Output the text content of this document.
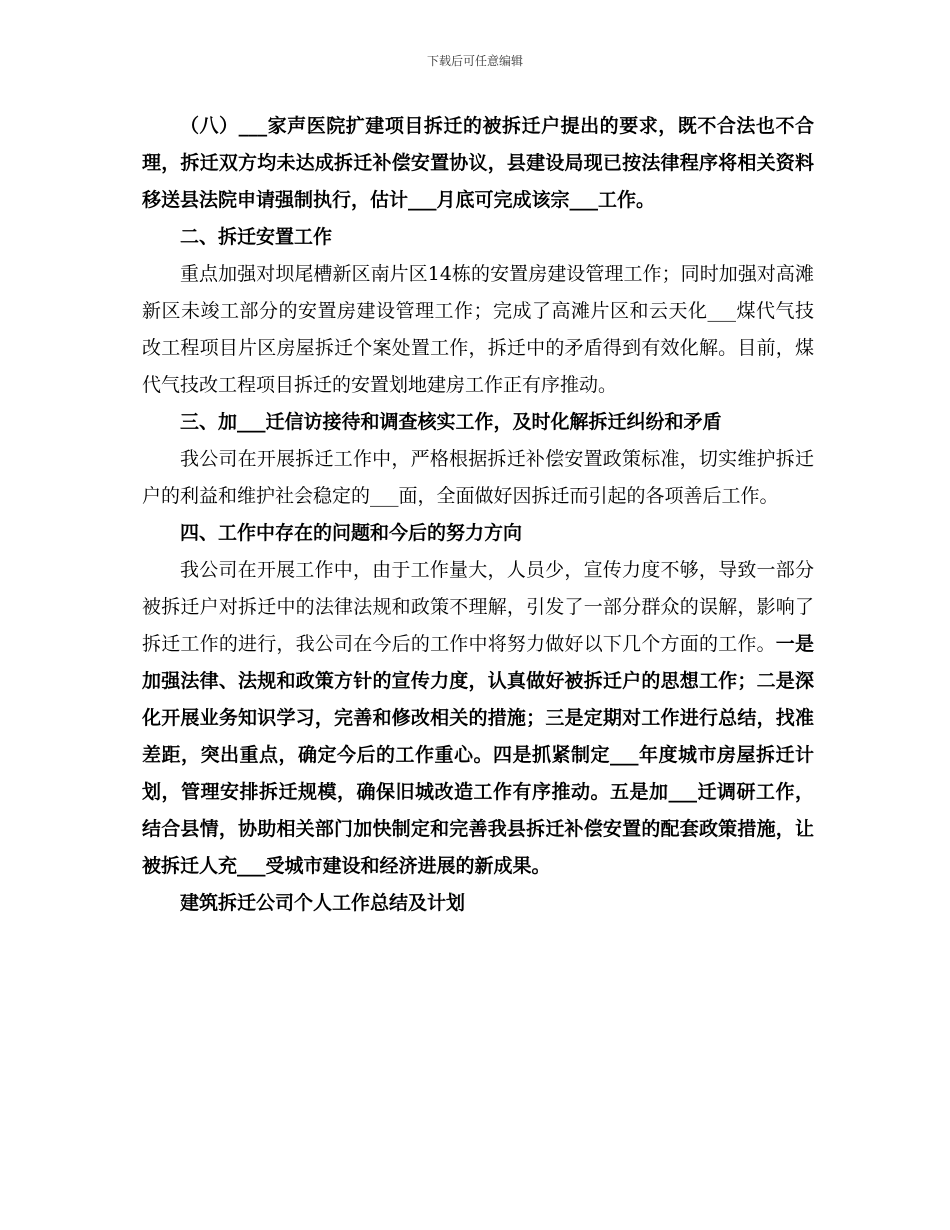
下载后可任意编辑

（八）___家声医院扩建项目拆迁的被拆迁户提出的要求，既不合法也不合理，拆迁双方均未达成拆迁补偿安置协议，县建设局现已按法律程序将相关资料移送县法院申请强制执行，估计___月底可完成该宗___工作。

二、拆迁安置工作

重点加强对坝尾槽新区南片区14栋的安置房建设管理工作；同时加强对高滩新区未竣工部分的安置房建设管理工作；完成了高滩片区和云天化___煤代气技改工程项目片区房屋拆迁个案处置工作，拆迁中的矛盾得到有效化解。目前，煤代气技改工程项目拆迁的安置划地建房工作正有序推动。

三、加___迁信访接待和调查核实工作，及时化解拆迁纠纷和矛盾

我公司在开展拆迁工作中，严格根据拆迁补偿安置政策标准，切实维护拆迁户的利益和维护社会稳定的___面，全面做好因拆迁而引起的各项善后工作。

四、工作中存在的问题和今后的努力方向

我公司在开展工作中，由于工作量大，人员少，宣传力度不够，导致一部分被拆迁户对拆迁中的法律法规和政策不理解，引发了一部分群众的误解，影响了拆迁工作的进行，我公司在今后的工作中将努力做好以下几个方面的工作。一是加强法律、法规和政策方针的宣传力度，认真做好被拆迁户的思想工作；二是深化开展业务知识学习，完善和修改相关的措施；三是定期对工作进行总结，找准差距，突出重点，确定今后的工作重心。四是抓紧制定___年度城市房屋拆迁计划，管理安排拆迁规模，确保旧城改造工作有序推动。五是加___迁调研工作，结合县情，协助相关部门加快制定和完善我县拆迁补偿安置的配套政策措施，让被拆迁人充___受城市建设和经济进展的新成果。

建筑拆迁公司个人工作总结及计划
